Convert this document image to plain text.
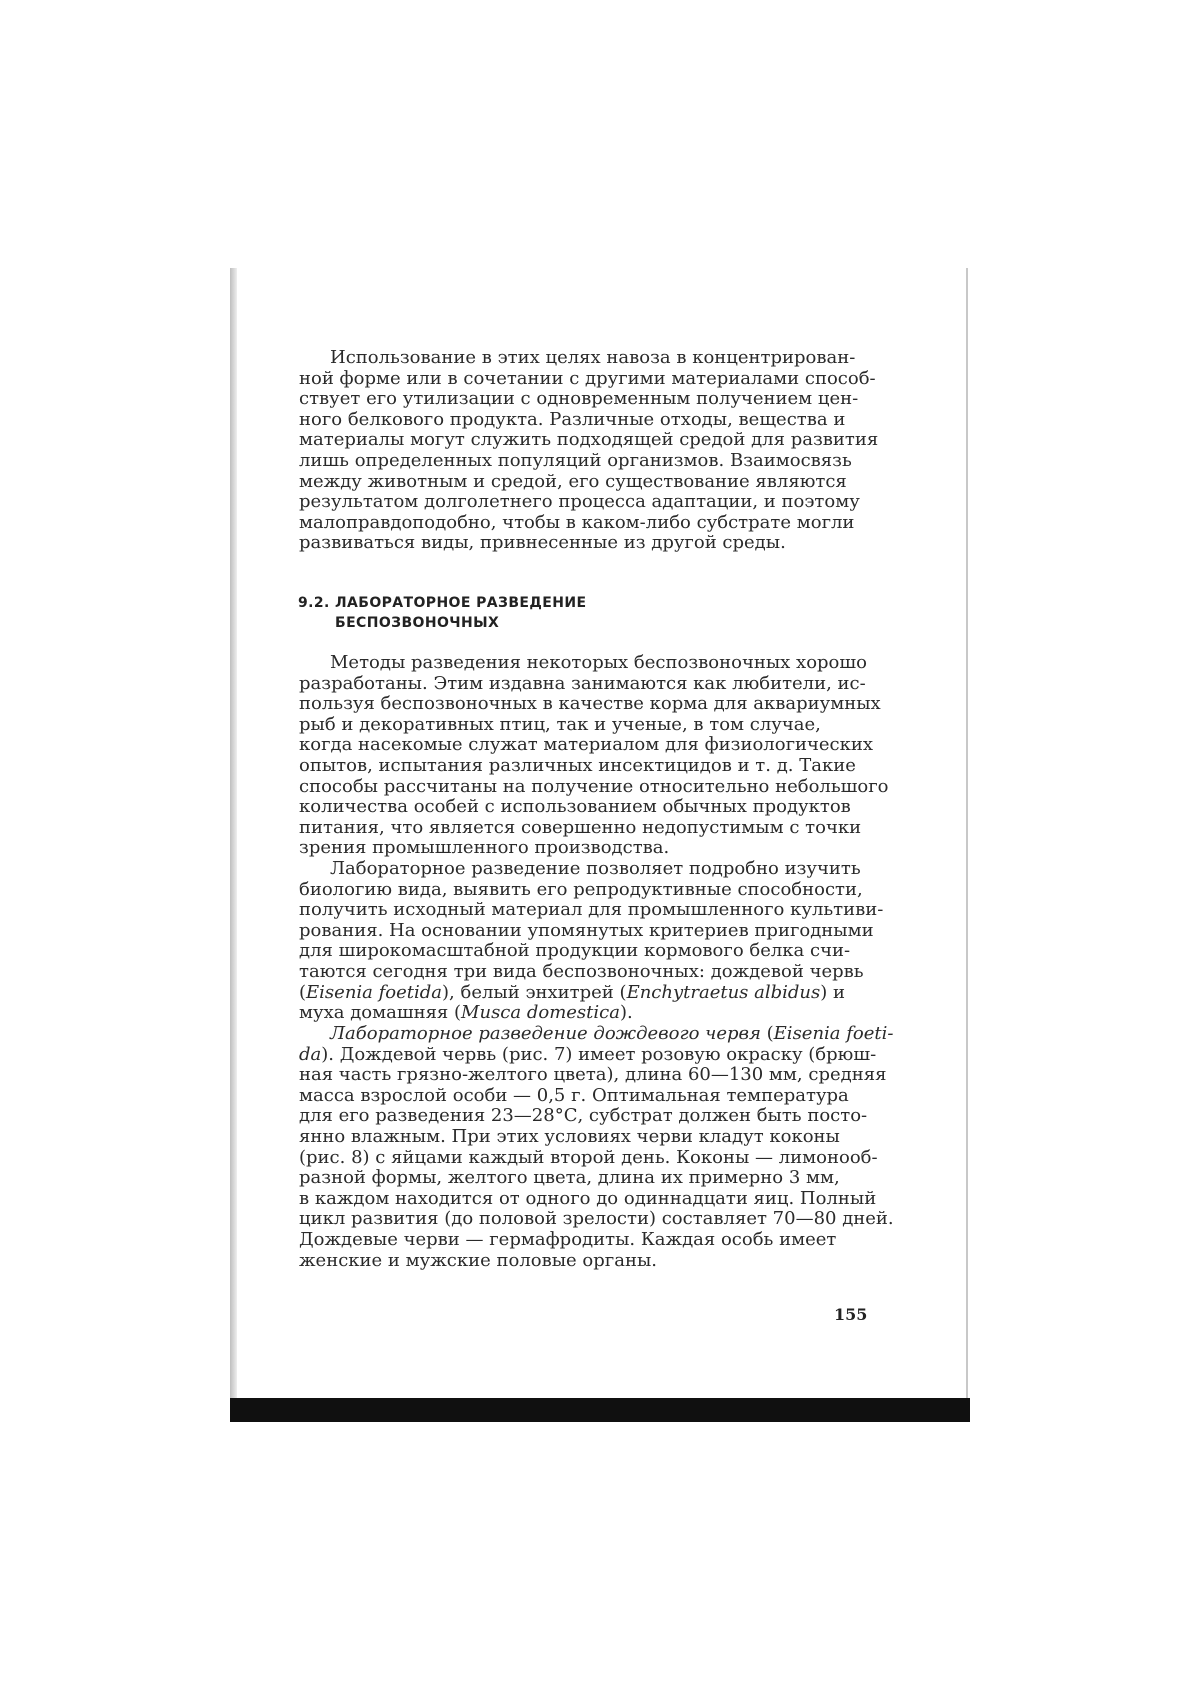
Использование в этих целях навоза в концентрирован-
ной форме или в сочетании с другими материалами способ-
ствует его утилизации с одновременным получением цен-
ного белкового продукта. Различные отходы, вещества и
материалы могут служить подходящей средой для развития
лишь определенных популяций организмов. Взаимосвязь
между животным и средой, его существование являются
результатом долголетнего процесса адаптации, и поэтому
малоправдоподобно, чтобы в каком-либо субстрате могли
развиваться виды, привнесенные из другой среды.
9.2. ЛАБОРАТОРНОЕ РАЗВЕДЕНИЕ
БЕСПОЗВОНОЧНЫХ
Методы разведения некоторых беспозвоночных хорошо
разработаны. Этим издавна занимаются как любители, ис-
пользуя беспозвоночных в качестве корма для аквариумных
рыб и декоративных птиц, так и ученые, в том случае,
когда насекомые служат материалом для физиологических
опытов, испытания различных инсектицидов и т. д. Такие
способы рассчитаны на получение относительно небольшого
количества особей с использованием обычных продуктов
питания, что является совершенно недопустимым с точки
зрения промышленного производства.
Лабораторное разведение позволяет подробно изучить
биологию вида, выявить его репродуктивные способности,
получить исходный материал для промышленного культиви-
рования. На основании упомянутых критериев пригодными
для широкомасштабной продукции кормового белка счи-
таются сегодня три вида беспозвоночных: дождевой червь
(Eisenia foetida), белый энхитрей (Enchytraetus albidus) и
муха домашняя (Musca domestica).
Лабораторное разведение дождевого червя (Eisenia foeti-
da). Дождевой червь (рис. 7) имеет розовую окраску (брюш-
ная часть грязно-желтого цвета), длина 60—130 мм, средняя
масса взрослой особи — 0,5 г. Оптимальная температура
для его разведения 23—28°С, субстрат должен быть посто-
янно влажным. При этих условиях черви кладут коконы
(рис. 8) с яйцами каждый второй день. Коконы — лимонооб-
разной формы, желтого цвета, длина их примерно 3 мм,
в каждом находится от одного до одиннадцати яиц. Полный
цикл развития (до половой зрелости) составляет 70—80 дней.
Дождевые черви — гермафродиты. Каждая особь имеет
женские и мужские половые органы.
155
